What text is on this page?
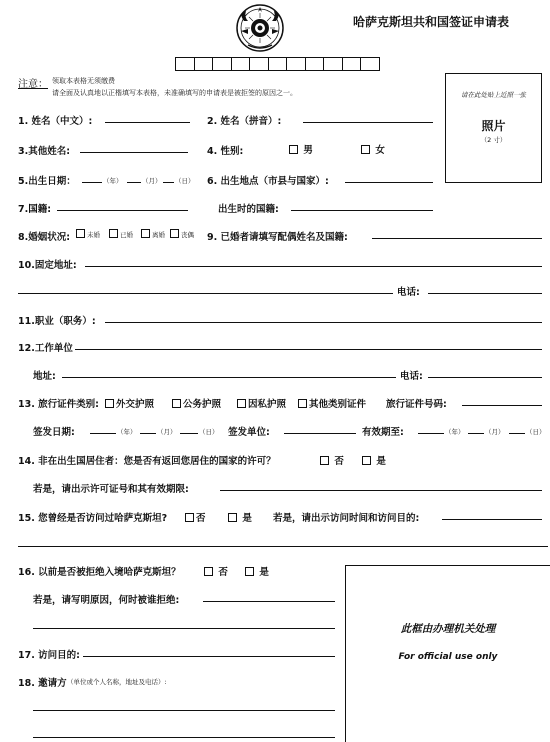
哈萨克斯坦共和国签证申请表
注意： 领取本表格无须缴费
请全面及认真地以正楷填写本表格，未准确填写的申请表是被拒签的原因之一。	请在此处贴上近照一张
照片
（2 寸）
1. 姓名（中文）:	2. 姓名（拼音）:
3.其他姓名:	4. 性别:	男	女
5.出生日期：	（年）	（月） （日） 6. 出生地点（市县与国家）:
7.国籍:	出生时的国籍:
8.婚姻状况:	未婚	已婚	离婚	丧偶 9. 已婚者请填写配偶姓名及国籍:
10.固定地址:
电话:
11.职业（职务）:
12.工作单位
地址:	电话:
13. 旅行证件类别:	外交护照	公务护照	因私护照	其他类别证件 旅行证件号码:
签发日期:	（年）	（月）	（日） 签发单位:	有效期至:	（年）	（月）	（日）
14. 非在出生国居住者：您是否有返回您居住的国家的许可？	否	是
若是，请出示许可证号和其有效期限:
15. 您曾经是否访问过哈萨克斯坦?	否	是 若是，请出示访问时间和访问目的:
16. 以前是否被拒绝入境哈萨克斯坦？	否	是
若是，请写明原因，何时被谁拒绝:
17. 访问目的:
18. 邀请方 （单位或个人名称，地址及电话）:
此框由办理机关处理
For official use only
